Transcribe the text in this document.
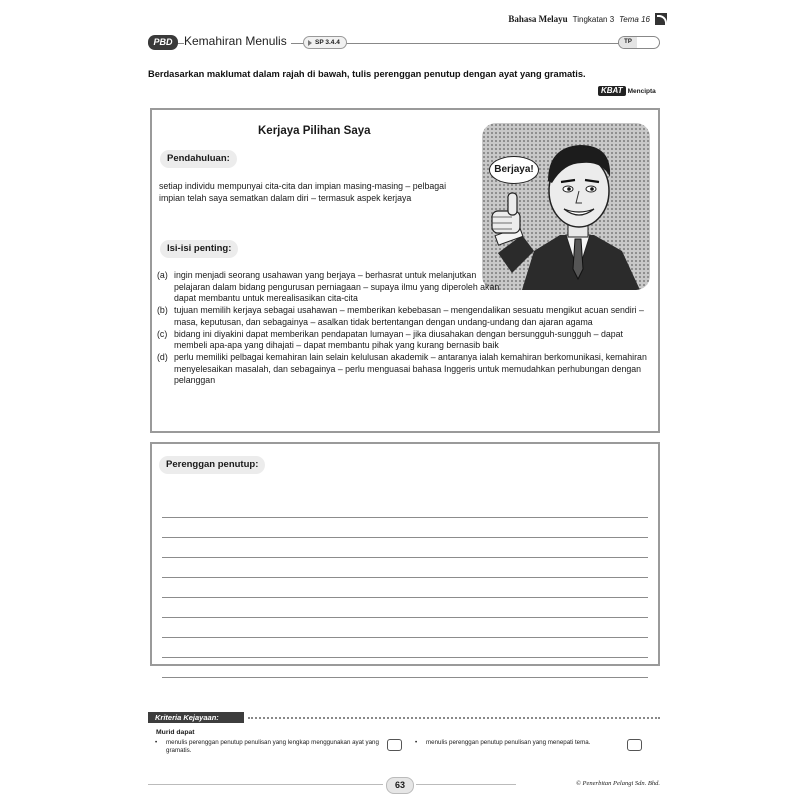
Bahasa Melayu Tingkatan 3 Tema 16
PBD Kemahiran Menulis	SP 3.4.4	TP
Berdasarkan maklumat dalam rajah di bawah, tulis perenggan penutup dengan ayat yang gramatis.
KBAT Mencipta
Kerjaya Pilihan Saya
Pendahuluan:
setiap individu mempunyai cita-cita dan impian masing-masing – pelbagai impian telah saya sematkan dalam diri – termasuk aspek kerjaya
Isi-isi penting:
Berjaya!
(a) ingin menjadi seorang usahawan yang berjaya – berhasrat untuk melanjutkan pelajaran dalam bidang pengurusan perniagaan – supaya ilmu yang diperoleh akan dapat membantu untuk merealisasikan cita-cita
(b) tujuan memilih kerjaya sebagai usahawan – memberikan kebebasan – mengendalikan sesuatu mengikut acuan sendiri – masa, keputusan, dan sebagainya – asalkan tidak bertentangan dengan undang-undang dan ajaran agama
(c) bidang ini diyakini dapat memberikan pendapatan lumayan – jika diusahakan dengan bersungguh-sungguh – dapat membeli apa-apa yang dihajati – dapat membantu pihak yang kurang bernasib baik
(d) perlu memiliki pelbagai kemahiran lain selain kelulusan akademik – antaranya ialah kemahiran berkomunikasi, kemahiran menyelesaikan masalah, dan sebagainya – perlu menguasai bahasa Inggeris untuk memudahkan perhubungan dengan pelanggan
Perenggan penutup:
Kriteria Kejayaan:
Murid dapat
• menulis perenggan penutup penulisan yang lengkap menggunakan ayat yang gramatis.
• menulis perenggan penutup penulisan yang menepati tema.
63	© Penerbitan Pelangi Sdn. Bhd.
